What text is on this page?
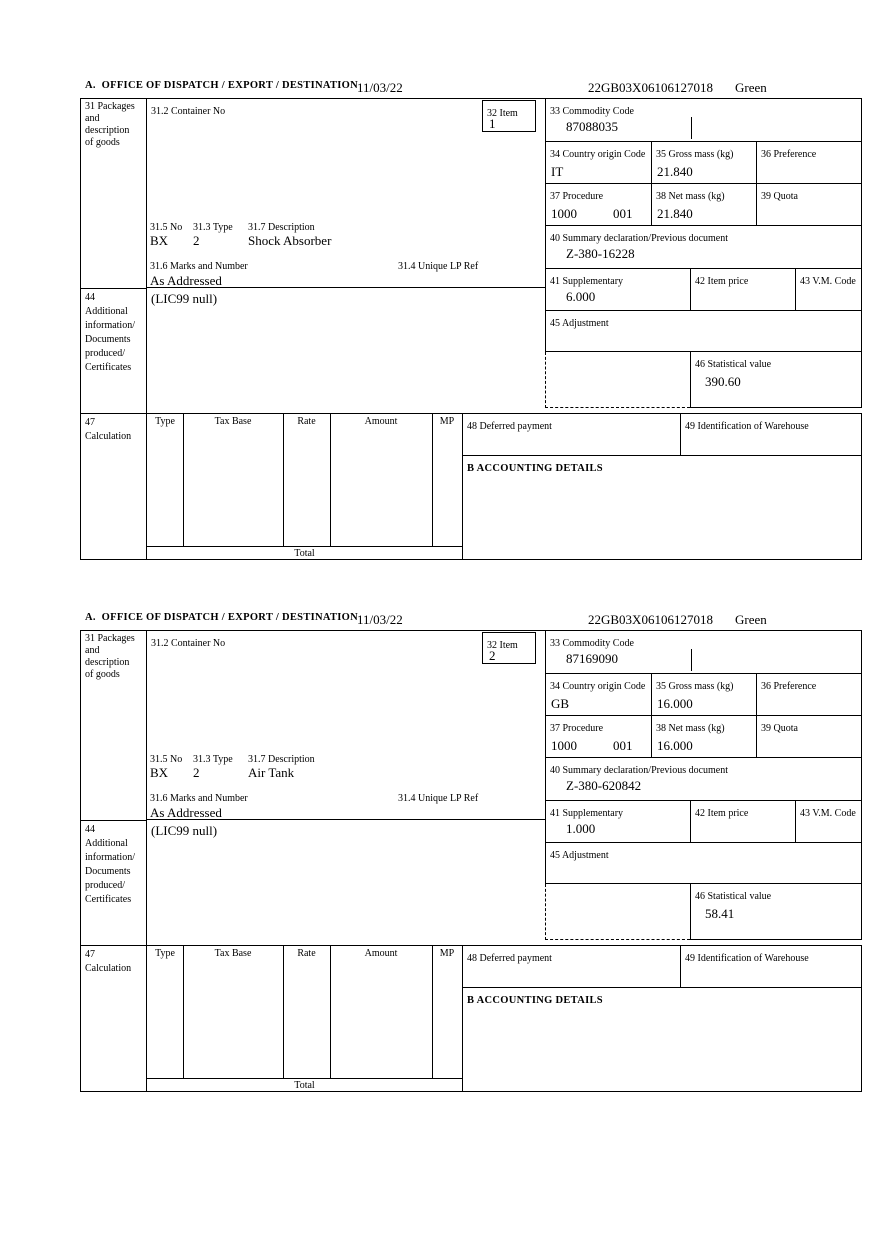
A.  OFFICE OF DISPATCH / EXPORT / DESTINATION
11/03/22	22GB03X06106127018 Green
31 Packages
and
description
of goods
31.2 Container No
31.5 No 31.3 Type 31.7 Description
BX 2	Shock Absorber
31.6 Marks and Number	31.4 Unique LP Ref
As Addressed
32 Item
1
33 Commodity Code
87088035
34 Country origin Code
IT
35 Gross mass (kg)
21.840
36 Preference
37 Procedure
1000	001
38 Net mass (kg)
21.840
39 Quota
40 Summary declaration/Previous document
Z-380-16228
41 Supplementary
6.000
42 Item price	43 V.M. Code
45 Adjustment
46 Statistical value
390.60
44
Additional
information/
Documents
produced/
Certificates
(LIC99 null)
47
Calculation
Type	Tax Base	Rate	Amount	MP
Total
48 Deferred payment	49 Identification of Warehouse
B ACCOUNTING DETAILS
A.  OFFICE OF DISPATCH / EXPORT / DESTINATION
11/03/22	22GB03X06106127018 Green
31 Packages
and
description
of goods
31.2 Container No
31.5 No 31.3 Type 31.7 Description
BX 2	Air Tank
31.6 Marks and Number	31.4 Unique LP Ref
As Addressed
32 Item
2
33 Commodity Code
87169090
34 Country origin Code
GB
35 Gross mass (kg)
16.000
36 Preference
37 Procedure
1000	001
38 Net mass (kg)
16.000
39 Quota
40 Summary declaration/Previous document
Z-380-620842
41 Supplementary
1.000
42 Item price	43 V.M. Code
45 Adjustment
46 Statistical value
58.41
44
Additional
information/
Documents
produced/
Certificates
(LIC99 null)
47
Calculation
Type	Tax Base	Rate	Amount	MP
Total
48 Deferred payment	49 Identification of Warehouse
B ACCOUNTING DETAILS
